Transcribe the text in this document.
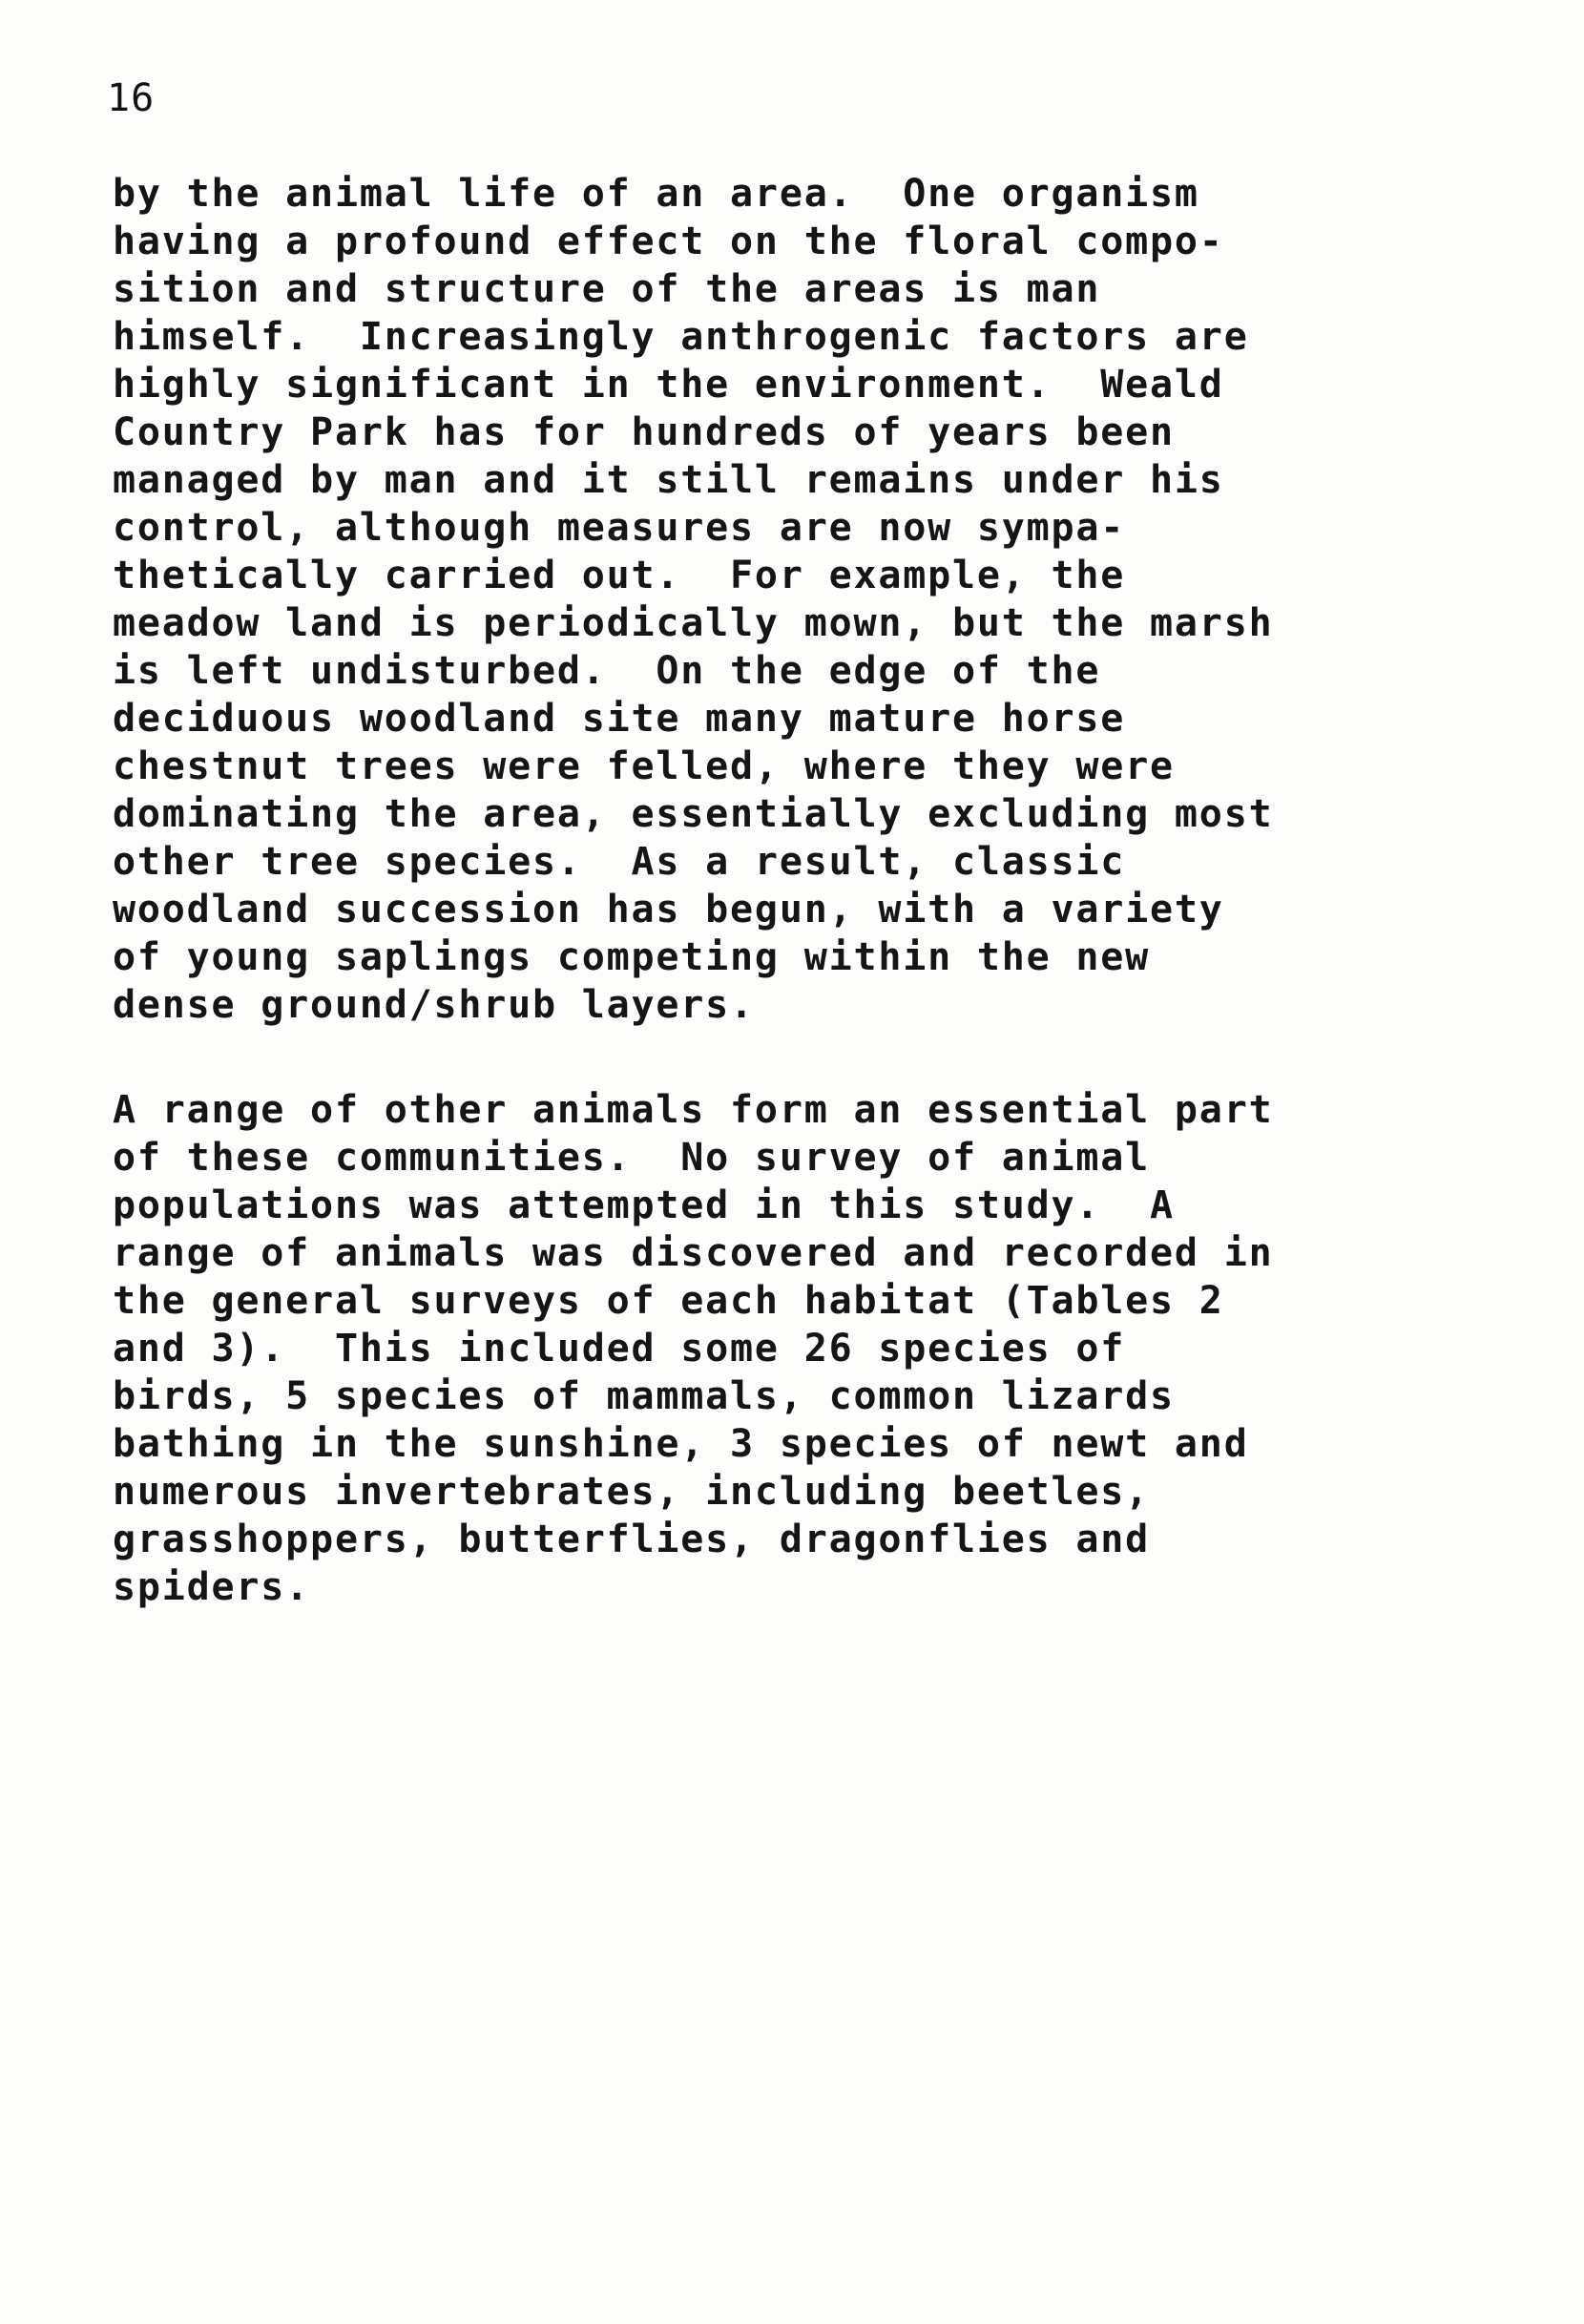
16

by the animal life of an area.  One organism
having a profound effect on the floral compo-
sition and structure of the areas is man
himself.  Increasingly anthrogenic factors are
highly significant in the environment.  Weald
Country Park has for hundreds of years been
managed by man and it still remains under his
control, although measures are now sympa-
thetically carried out.  For example, the
meadow land is periodically mown, but the marsh
is left undisturbed.  On the edge of the
deciduous woodland site many mature horse
chestnut trees were felled, where they were
dominating the area, essentially excluding most
other tree species.  As a result, classic
woodland succession has begun, with a variety
of young saplings competing within the new
dense ground/shrub layers.

A range of other animals form an essential part
of these communities.  No survey of animal
populations was attempted in this study.  A
range of animals was discovered and recorded in
the general surveys of each habitat (Tables 2
and 3).  This included some 26 species of
birds, 5 species of mammals, common lizards
bathing in the sunshine, 3 species of newt and
numerous invertebrates, including beetles,
grasshoppers, butterflies, dragonflies and
spiders.
